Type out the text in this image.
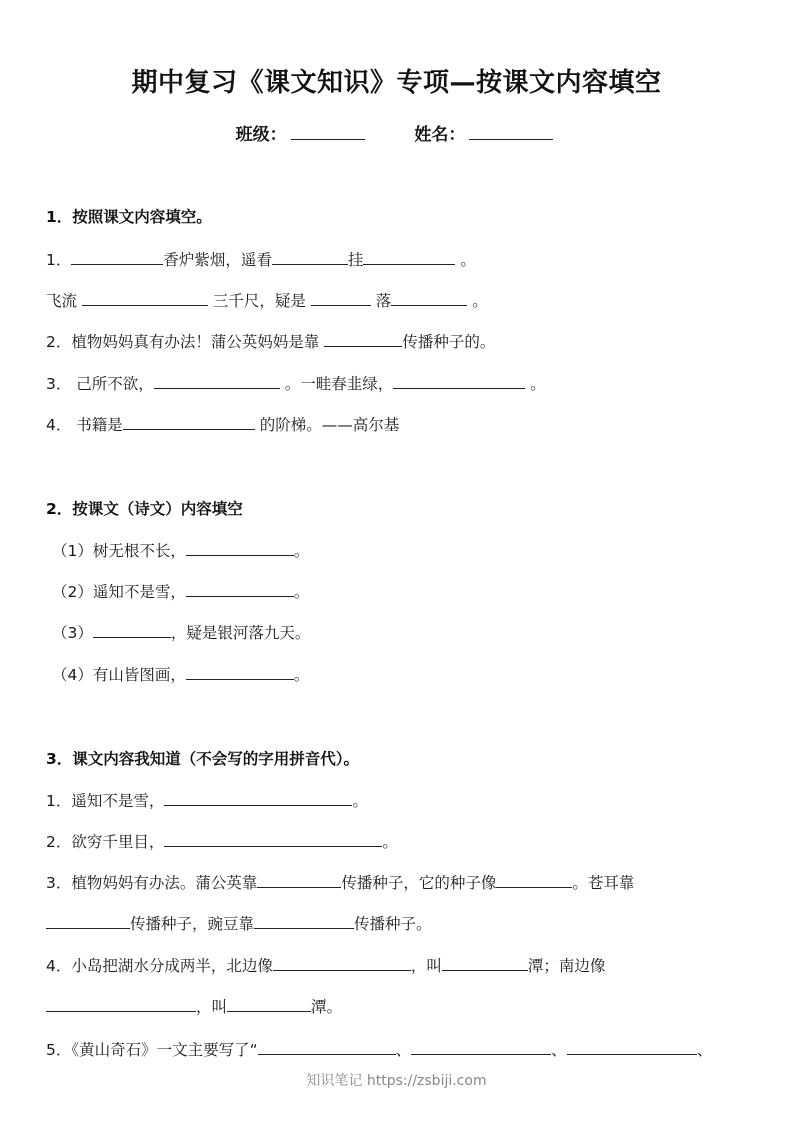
期中复习《课文知识》专项—按课文内容填空
班级：	姓名：
1．按照课文内容填空。
1．	香炉紫烟，遥看	挂	。
飞流	三千尺，疑是	落	。
2．植物妈妈真有办法！蒲公英妈妈是靠	传播种子的。
3． 己所不欲，	。一畦春韭绿，	。
4． 书籍是	的阶梯。——高尔基
2．按课文（诗文）内容填空
（1）树无根不长，	。
（2）遥知不是雪，	。
（3）	，疑是银河落九天。
（4）有山皆图画，	。
3．课文内容我知道（不会写的字用拼音代）。
1．遥知不是雪，	。
2．欲穷千里目，	。
3．植物妈妈有办法。蒲公英靠	传播种子，它的种子像	。苍耳靠
传播种子，豌豆靠	传播种子。
4．小岛把湖水分成两半，北边像	，叫	潭；南边像
，叫	潭。
5．《黄山奇石》一文主要写了“	、	、	、
知识笔记 https://zsbiji.com
